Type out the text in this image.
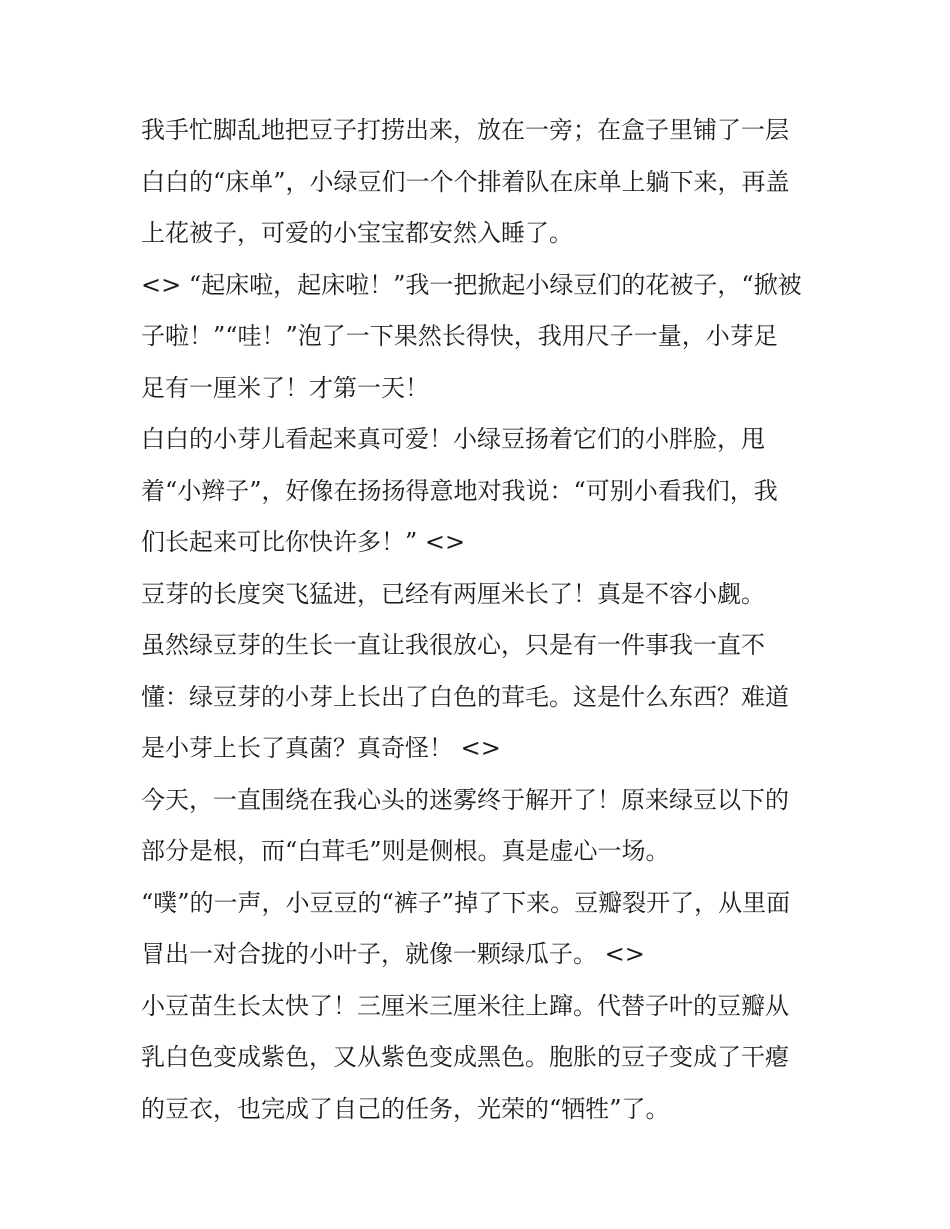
我手忙脚乱地把豆子打捞出来，放在一旁；在盒子里铺了一层
白白的“床单”，小绿豆们一个个排着队在床单上躺下来，再盖
上花被子，可爱的小宝宝都安然入睡了。
<> “起床啦，起床啦！”我一把掀起小绿豆们的花被子，“掀被
子啦！”“哇！”泡了一下果然长得快，我用尺子一量，小芽足
足有一厘米了！才第一天！
白白的小芽儿看起来真可爱！小绿豆扬着它们的小胖脸，甩
着“小辫子”，好像在扬扬得意地对我说：“可别小看我们，我
们长起来可比你快许多！” <>
豆芽的长度突飞猛进，已经有两厘米长了！真是不容小觑。
虽然绿豆芽的生长一直让我很放心，只是有一件事我一直不
懂：绿豆芽的小芽上长出了白色的茸毛。这是什么东西？难道
是小芽上长了真菌？真奇怪！ <>
今天，一直围绕在我心头的迷雾终于解开了！原来绿豆以下的
部分是根，而“白茸毛”则是侧根。真是虚心一场。
“噗”的一声，小豆豆的“裤子”掉了下来。豆瓣裂开了，从里面
冒出一对合拢的小叶子，就像一颗绿瓜子。 <>
小豆苗生长太快了！三厘米三厘米往上蹿。代替子叶的豆瓣从
乳白色变成紫色，又从紫色变成黑色。胞胀的豆子变成了干瘪
的豆衣，也完成了自己的任务，光荣的“牺牲”了。
